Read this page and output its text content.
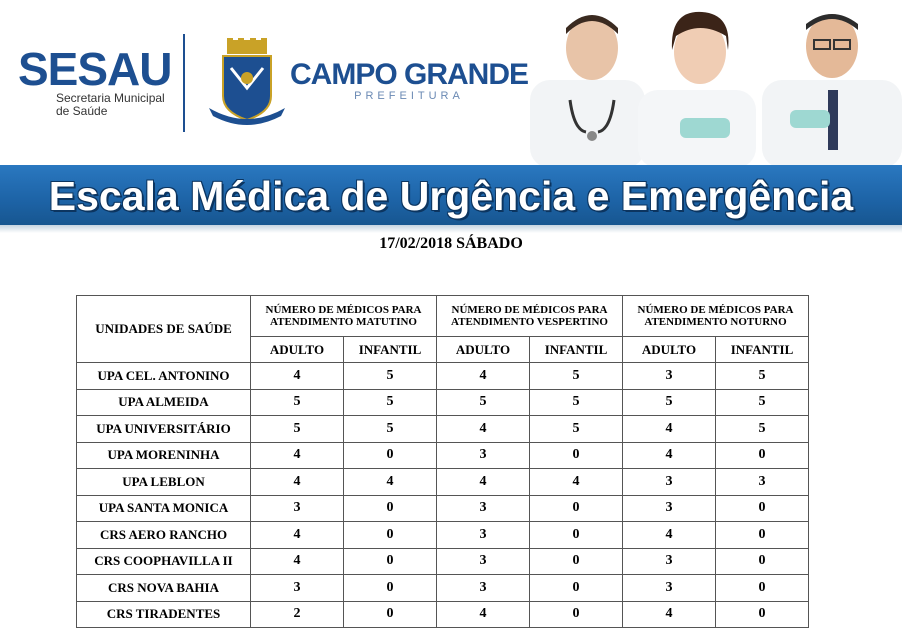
SESAU
Secretaria Municipal
de Saúde
CAMPO GRANDE
PREFEITURA
Escala Médica de Urgência e Emergência
17/02/2018 SÁBADO
UNIDADES DE SAÚDE	NÚMERO DE MÉDICOS PARA ATENDIMENTO MATUTINO		NÚMERO DE MÉDICOS PARA ATENDIMENTO VESPERTINO		NÚMERO DE MÉDICOS PARA ATENDIMENTO NOTURNO	
	ADULTO	INFANTIL	ADULTO	INFANTIL	ADULTO	INFANTIL
UPA CEL. ANTONINO	4	5	4	5	3	5
UPA ALMEIDA	5	5	5	5	5	5
UPA UNIVERSITÁRIO	5	5	4	5	4	5
UPA MORENINHA	4	0	3	0	4	0
UPA LEBLON	4	4	4	4	3	3
UPA SANTA MONICA	3	0	3	0	3	0
CRS AERO RANCHO	4	0	3	0	4	0
CRS COOPHAVILLA II	4	0	3	0	3	0
CRS NOVA BAHIA	3	0	3	0	3	0
CRS TIRADENTES	2	0	4	0	4	0
